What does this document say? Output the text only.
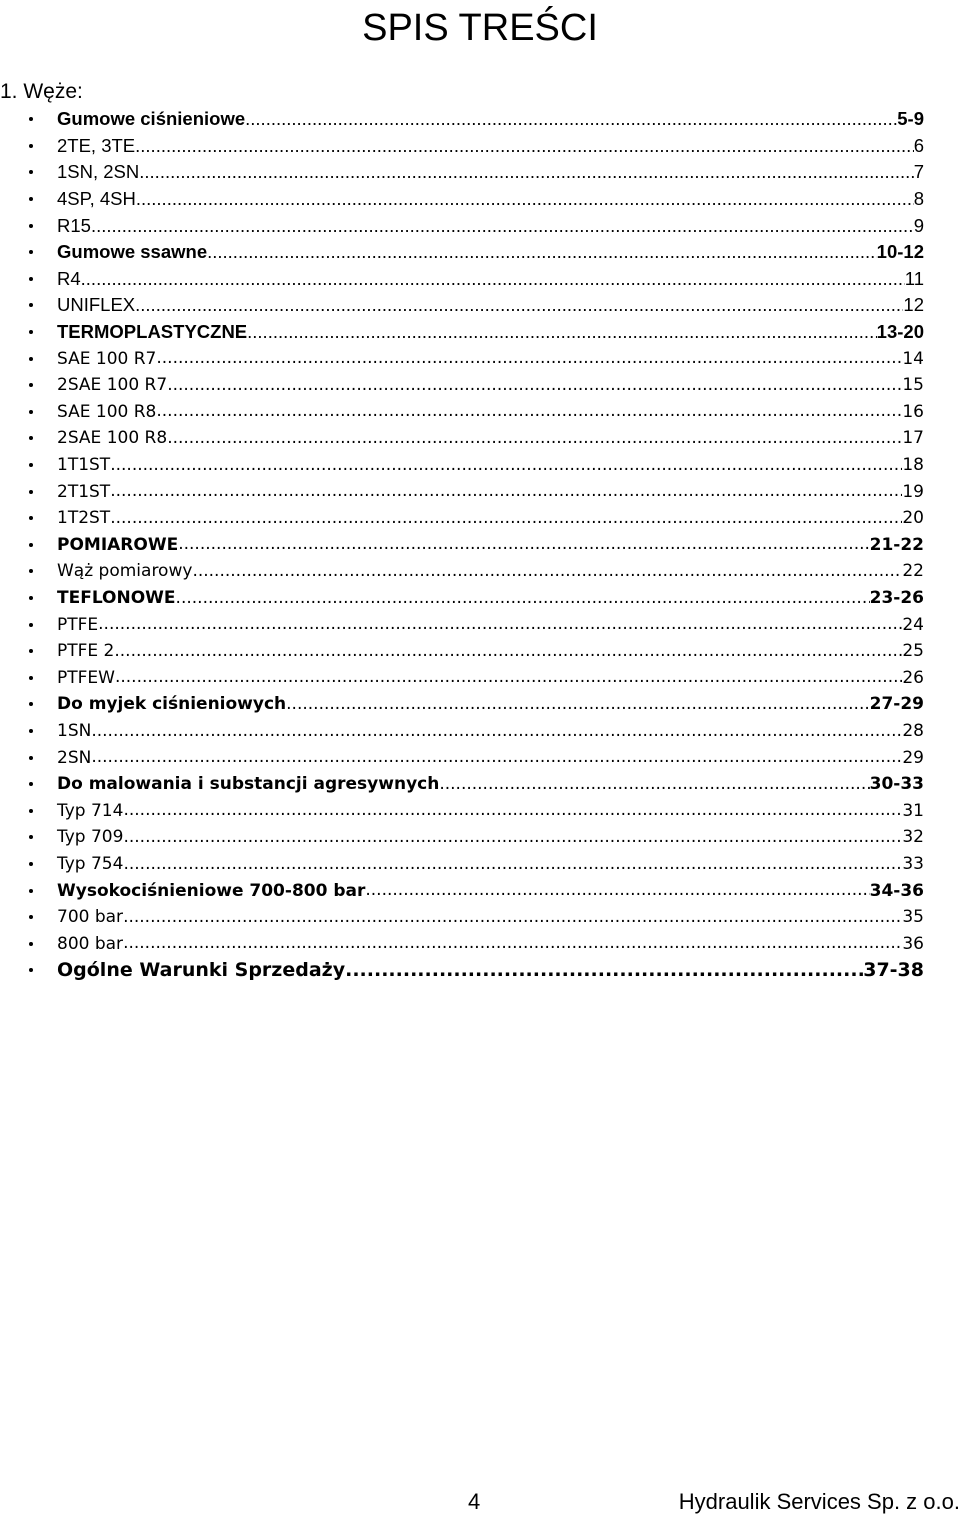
SPIS TREŚCI
1. Węże:
Gumowe ciśnieniowe .....	5-9
2TE, 3TE .....	6
1SN, 2SN .....	7
4SP, 4SH .....	8
R15 .....	9
Gumowe ssawne .....	10-12
R4 .....	11
UNIFLEX .....	12
TERMOPLASTYCZNE .....	13-20
SAE 100 R7 .....	14
2SAE 100 R7 .....	15
SAE 100 R8 .....	16
2SAE 100 R8 .....	17
1T1ST .....	18
2T1ST .....	19
1T2ST .....	20
POMIAROWE .....	21-22
Wąż pomiarowy .....	22
TEFLONOWE .....	23-26
PTFE .....	24
PTFE 2 .....	25
PTFEW .....	26
Do myjek ciśnieniowych .....	27-29
1SN .....	28
2SN .....	29
Do malowania i substancji agresywnych .....	30-33
Typ 714 .....	31
Typ 709 .....	32
Typ 754 .....	33
Wysokociśnieniowe 700-800 bar .....	34-36
700 bar .....	35
800 bar .....	36
Ogólne Warunki Sprzedaży .....	37-38
4	Hydraulik Services Sp. z o.o.
